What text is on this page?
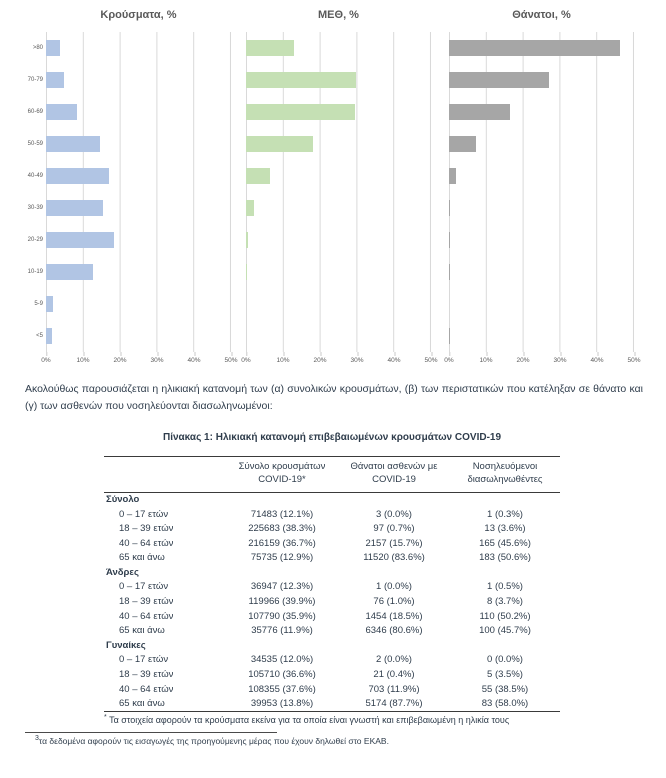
>80
70-79
60-69
50-59
40-49
30-39
20-29
10-19
5-9
<5
Κρούσματα, %
0%	10%	20%	30%	40%	50%
ΜΕΘ, %
0%	10%	20%	30%	40%	50%
Θάνατοι, %
0%	10%	20%	30%	40%	50%

Ακολούθως παρουσιάζεται η ηλικιακή κατανομή των (α) συνολικών κρουσμάτων, (β) των περιστατικών που κατέληξαν σε θάνατο και (γ) των ασθενών που νοσηλεύονται διασωληνωμένοι:

Πίνακας 1: Ηλικιακή κατανομή επιβεβαιωμένων κρουσμάτων COVID-19
	Σύνολο κρουσμάτων COVID-19*	Θάνατοι ασθενών με COVID-19	Νοσηλευόμενοι διασωληνωθέντες
Σύνολο			
0 – 17 ετών	71483 (12.1%)	3 (0.0%)	1 (0.3%)
18 – 39 ετών	225683 (38.3%)	97 (0.7%)	13 (3.6%)
40 – 64 ετών	216159 (36.7%)	2157 (15.7%)	165 (45.6%)
65 και άνω	75735 (12.9%)	11520 (83.6%)	183 (50.6%)
Άνδρες			
0 – 17 ετών	36947 (12.3%)	1 (0.0%)	1 (0.5%)
18 – 39 ετών	119966 (39.9%)	76 (1.0%)	8 (3.7%)
40 – 64 ετών	107790 (35.9%)	1454 (18.5%)	110 (50.2%)
65 και άνω	35776 (11.9%)	6346 (80.6%)	100 (45.7%)
Γυναίκες			
0 – 17 ετών	34535 (12.0%)	2 (0.0%)	0 (0.0%)
18 – 39 ετών	105710 (36.6%)	21 (0.4%)	5 (3.5%)
40 – 64 ετών	108355 (37.6%)	703 (11.9%)	55 (38.5%)
65 και άνω	39953 (13.8%)	5174 (87.7%)	83 (58.0%)
* Τα στοιχεία αφορούν τα κρούσματα εκείνα για τα οποία είναι γνωστή και επιβεβαιωμένη η ηλικία τους
$^3$τα δεδομένα αφορούν τις εισαγωγές της προηγούμενης μέρας που έχουν δηλωθεί στο ΕΚΑΒ.
